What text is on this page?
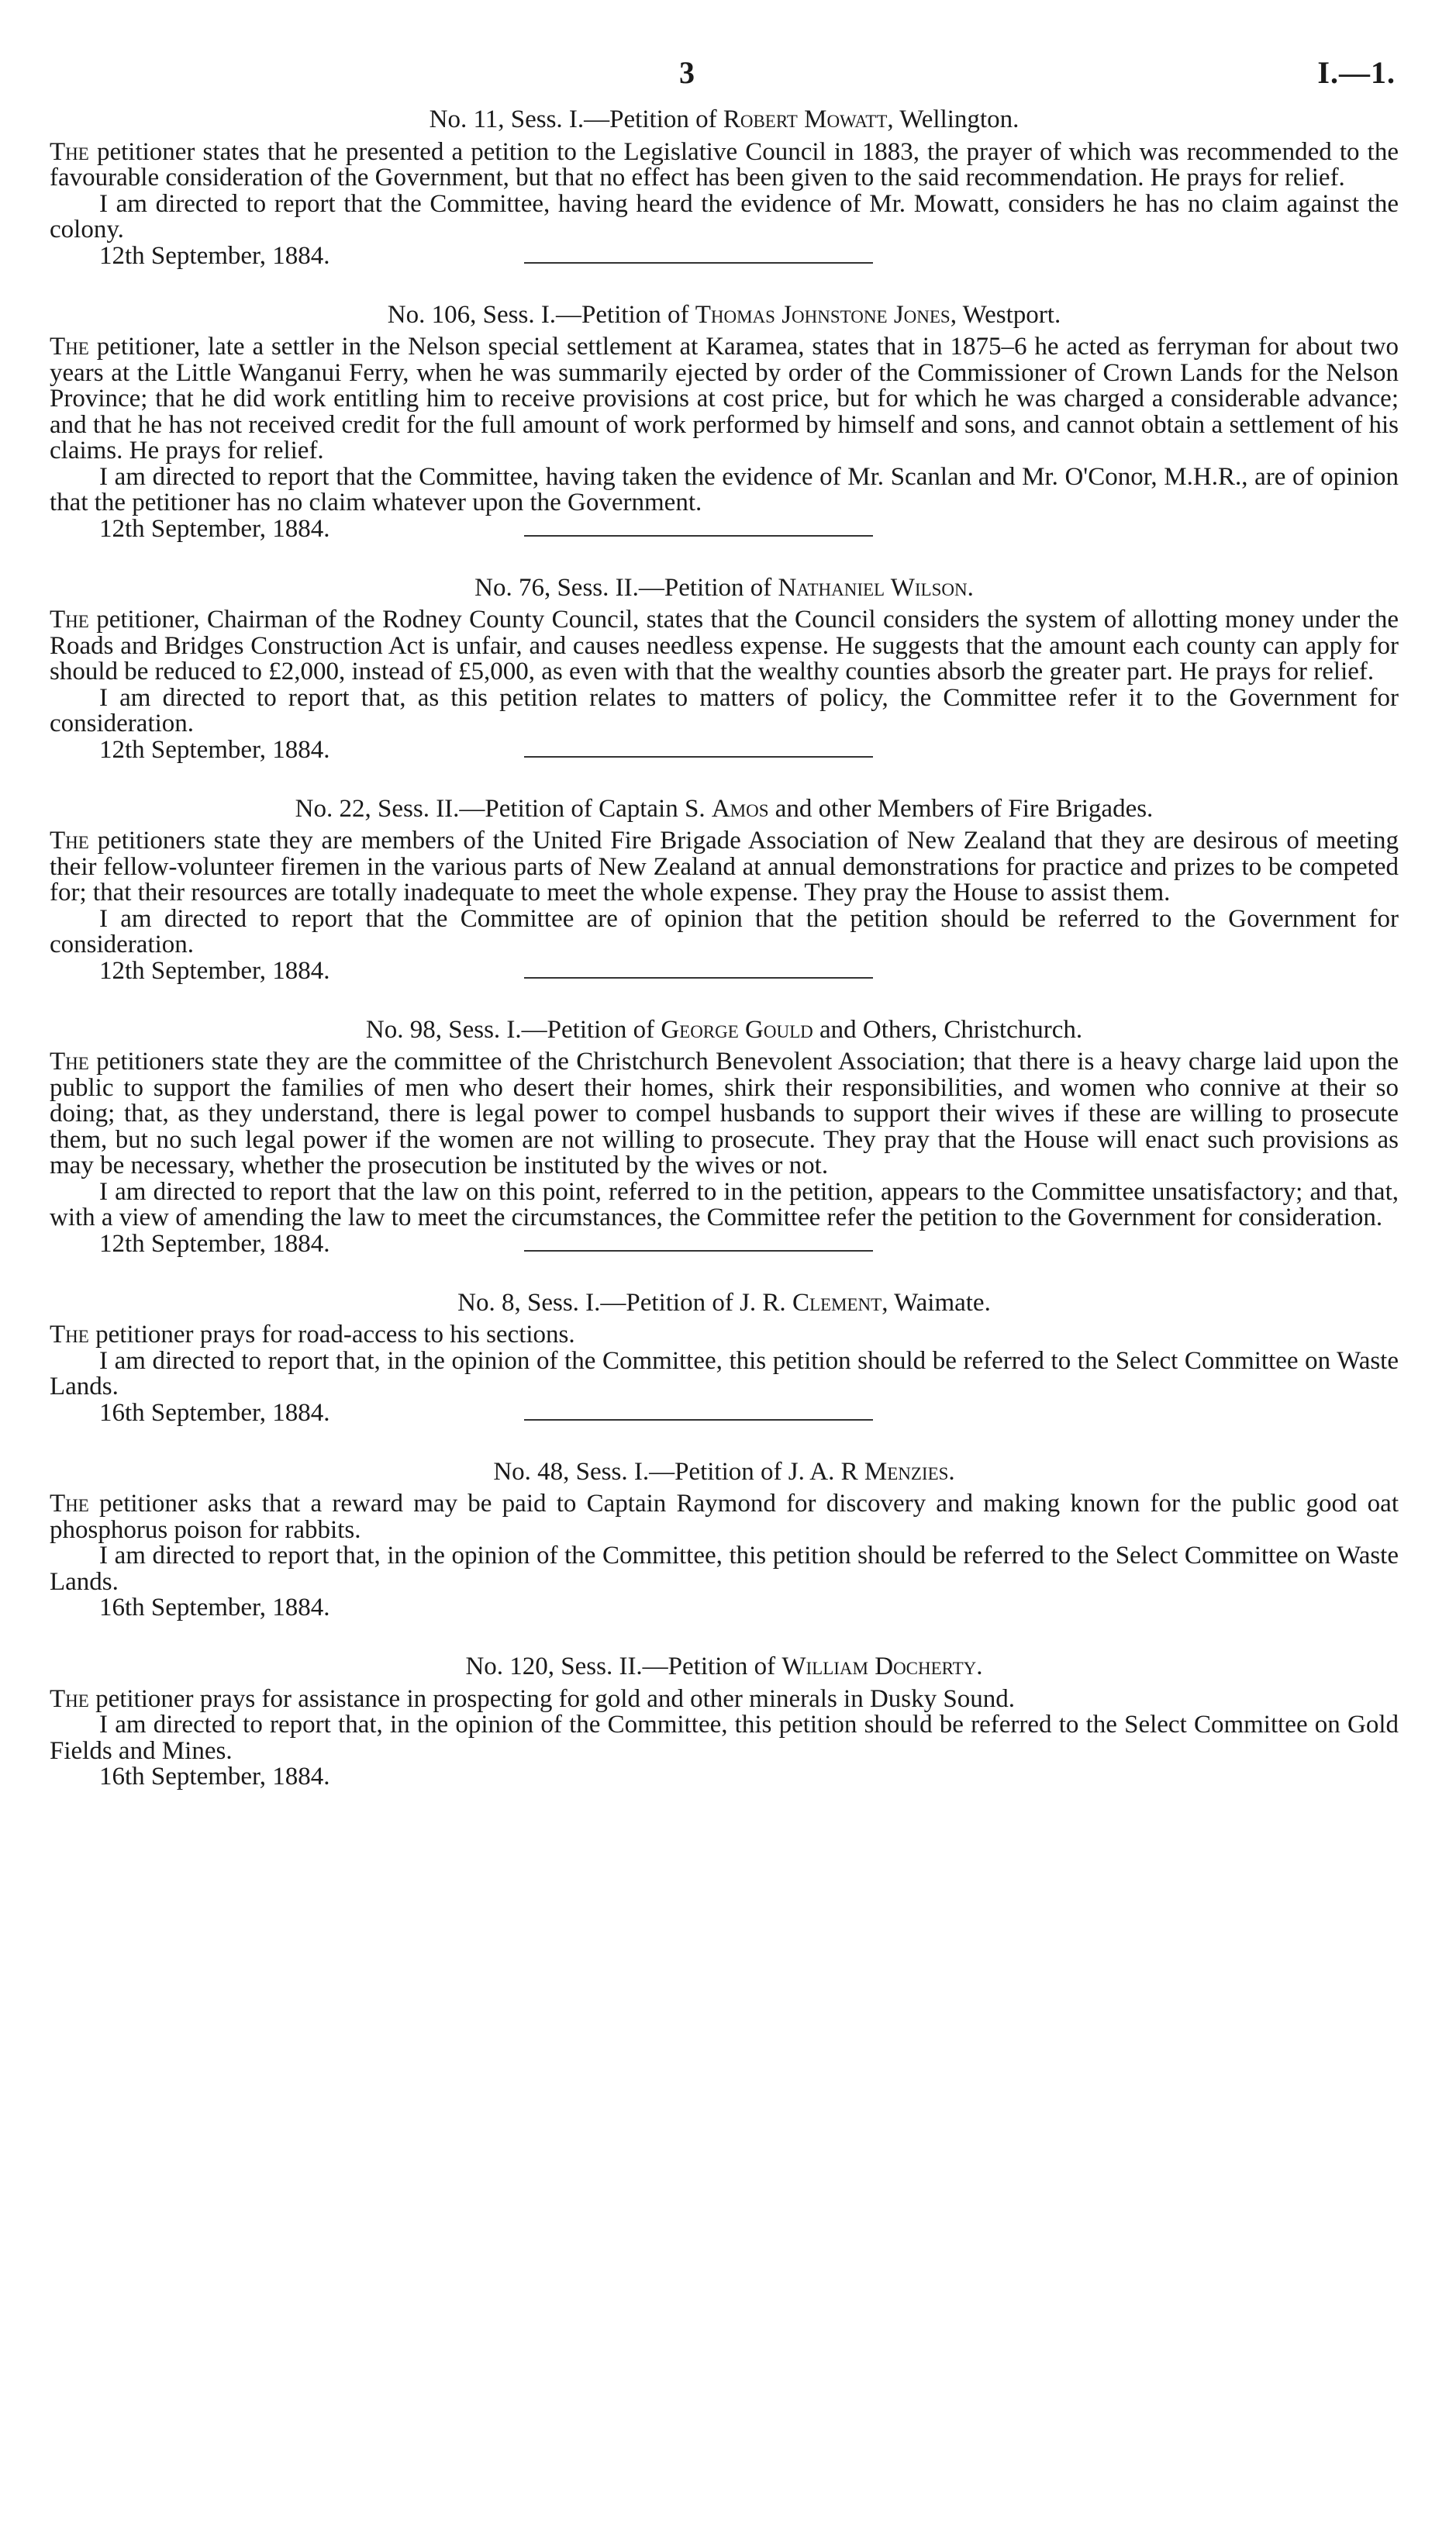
3	I.—1.

No. 11, Sess. I.—Petition of Robert Mowatt, Wellington.

The petitioner states that he presented a petition to the Legislative Council in 1883, the prayer of which was recommended to the favourable consideration of the Government, but that no effect has been given to the said recommendation. He prays for relief.

I am directed to report that the Committee, having heard the evidence of Mr. Mowatt, considers he has no claim against the colony.

12th September, 1884.

No. 106, Sess. I.—Petition of Thomas Johnstone Jones, Westport.

The petitioner, late a settler in the Nelson special settlement at Karamea, states that in 1875–6 he acted as ferryman for about two years at the Little Wanganui Ferry, when he was summarily ejected by order of the Commissioner of Crown Lands for the Nelson Province; that he did work entitling him to receive provisions at cost price, but for which he was charged a considerable advance; and that he has not received credit for the full amount of work performed by himself and sons, and cannot obtain a settlement of his claims. He prays for relief.

I am directed to report that the Committee, having taken the evidence of Mr. Scanlan and Mr. O'Conor, M.H.R., are of opinion that the petitioner has no claim whatever upon the Government.

12th September, 1884.

No. 76, Sess. II.—Petition of Nathaniel Wilson.

The petitioner, Chairman of the Rodney County Council, states that the Council considers the system of allotting money under the Roads and Bridges Construction Act is unfair, and causes needless expense. He suggests that the amount each county can apply for should be reduced to £2,000, instead of £5,000, as even with that the wealthy counties absorb the greater part. He prays for relief.

I am directed to report that, as this petition relates to matters of policy, the Committee refer it to the Government for consideration.

12th September, 1884.

No. 22, Sess. II.—Petition of Captain S. Amos and other Members of Fire Brigades.

The petitioners state they are members of the United Fire Brigade Association of New Zealand that they are desirous of meeting their fellow-volunteer firemen in the various parts of New Zealand at annual demonstrations for practice and prizes to be competed for; that their resources are totally inadequate to meet the whole expense. They pray the House to assist them.

I am directed to report that the Committee are of opinion that the petition should be referred to the Government for consideration.

12th September, 1884.

No. 98, Sess. I.—Petition of George Gould and Others, Christchurch.

The petitioners state they are the committee of the Christchurch Benevolent Association; that there is a heavy charge laid upon the public to support the families of men who desert their homes, shirk their responsibilities, and women who connive at their so doing; that, as they understand, there is legal power to compel husbands to support their wives if these are willing to prosecute them, but no such legal power if the women are not willing to prosecute. They pray that the House will enact such provisions as may be necessary, whether the prosecution be instituted by the wives or not.

I am directed to report that the law on this point, referred to in the petition, appears to the Committee unsatisfactory; and that, with a view of amending the law to meet the circumstances, the Committee refer the petition to the Government for consideration.

12th September, 1884.

No. 8, Sess. I.—Petition of J. R. Clement, Waimate.

The petitioner prays for road-access to his sections.

I am directed to report that, in the opinion of the Committee, this petition should be referred to the Select Committee on Waste Lands.

16th September, 1884.

No. 48, Sess. I.—Petition of J. A. R Menzies.

The petitioner asks that a reward may be paid to Captain Raymond for discovery and making known for the public good oat phosphorus poison for rabbits.

I am directed to report that, in the opinion of the Committee, this petition should be referred to the Select Committee on Waste Lands.

16th September, 1884.

No. 120, Sess. II.—Petition of William Docherty.

The petitioner prays for assistance in prospecting for gold and other minerals in Dusky Sound.

I am directed to report that, in the opinion of the Committee, this petition should be referred to the Select Committee on Gold Fields and Mines.

16th September, 1884.
